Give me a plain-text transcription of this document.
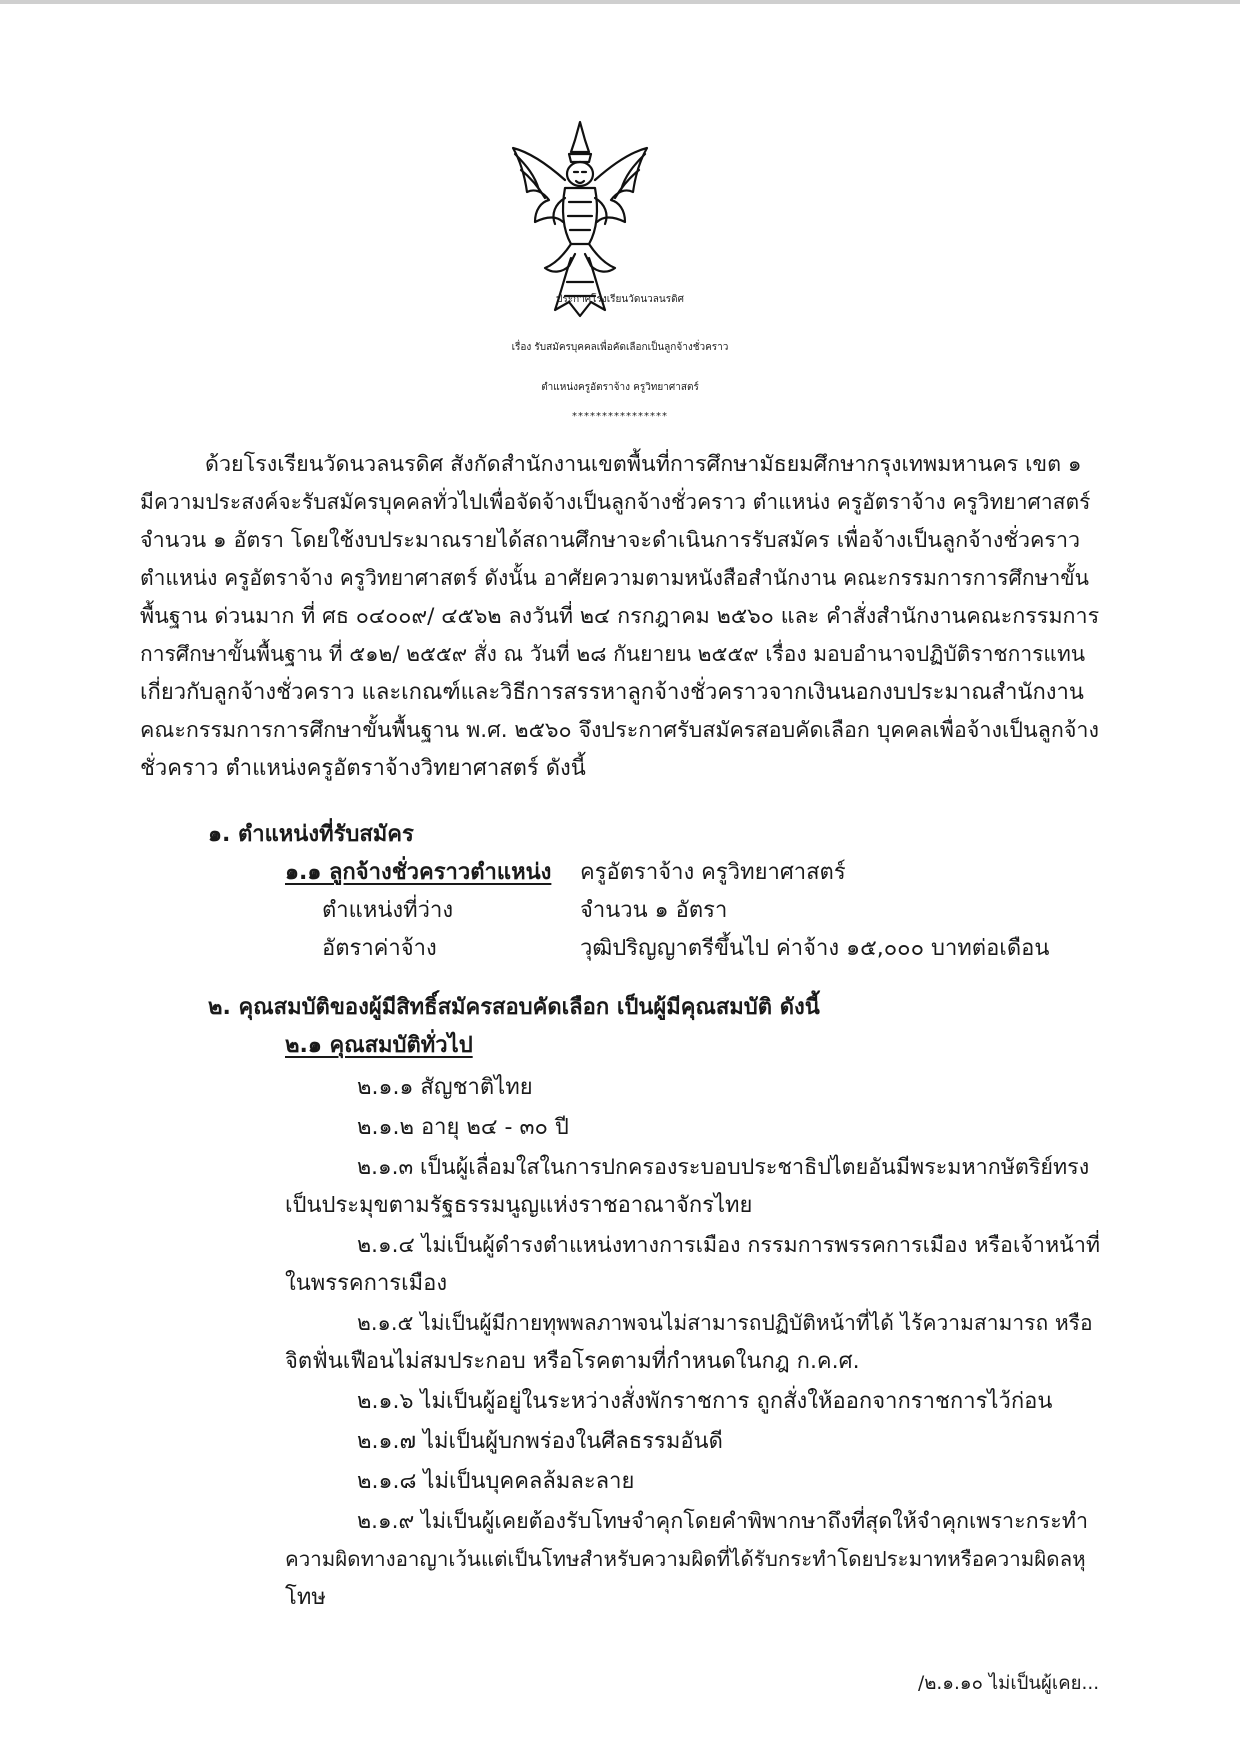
ประกาศโรงเรียนวัดนวลนรดิศ
เรื่อง รับสมัครบุคคลเพื่อคัดเลือกเป็นลูกจ้างชั่วคราว
ตำแหน่งครูอัตราจ้าง ครูวิทยาศาสตร์
****************
ด้วยโรงเรียนวัดนวลนรดิศ สังกัดสำนักงานเขตพื้นที่การศึกษามัธยมศึกษากรุงเทพมหานคร เขต ๑
มีความประสงค์จะรับสมัครบุคคลทั่วไปเพื่อจัดจ้างเป็นลูกจ้างชั่วคราว ตำแหน่ง ครูอัตราจ้าง ครูวิทยาศาสตร์
จำนวน ๑ อัตรา โดยใช้งบประมาณรายได้สถานศึกษาจะดำเนินการรับสมัคร เพื่อจ้างเป็นลูกจ้างชั่วคราว
ตำแหน่ง ครูอัตราจ้าง ครูวิทยาศาสตร์ ดังนั้น อาศัยความตามหนังสือสำนักงาน คณะกรรมการการศึกษาขั้น
พื้นฐาน ด่วนมาก ที่ ศธ ๐๔๐๐๙/ ๔๕๖๒ ลงวันที่ ๒๔ กรกฎาคม ๒๕๖๐ และ คำสั่งสำนักงานคณะกรรมการ
การศึกษาขั้นพื้นฐาน ที่ ๕๑๒/ ๒๕๕๙ สั่ง ณ วันที่ ๒๘ กันยายน ๒๕๕๙ เรื่อง มอบอำนาจปฏิบัติราชการแทน
เกี่ยวกับลูกจ้างชั่วคราว และเกณฑ์และวิธีการสรรหาลูกจ้างชั่วคราวจากเงินนอกงบประมาณสำนักงาน
คณะกรรมการการศึกษาขั้นพื้นฐาน พ.ศ. ๒๕๖๐ จึงประกาศรับสมัครสอบคัดเลือก บุคคลเพื่อจ้างเป็นลูกจ้าง
ชั่วคราว ตำแหน่งครูอัตราจ้างวิทยาศาสตร์ ดังนี้
๑. ตำแหน่งที่รับสมัคร
๑.๑ ลูกจ้างชั่วคราวตำแหน่ง ครูอัตราจ้าง ครูวิทยาศาสตร์
ตำแหน่งที่ว่าง	จำนวน ๑ อัตรา
อัตราค่าจ้าง	วุฒิปริญญาตรีขึ้นไป ค่าจ้าง ๑๕,๐๐๐ บาทต่อเดือน
๒. คุณสมบัติของผู้มีสิทธิ์สมัครสอบคัดเลือก เป็นผู้มีคุณสมบัติ ดังนี้
๒.๑ คุณสมบัติทั่วไป
๒.๑.๑ สัญชาติไทย
๒.๑.๒ อายุ ๒๔ - ๓๐ ปี
๒.๑.๓ เป็นผู้เลื่อมใสในการปกครองระบอบประชาธิปไตยอันมีพระมหากษัตริย์ทรง
เป็นประมุขตามรัฐธรรมนูญแห่งราชอาณาจักรไทย
๒.๑.๔ ไม่เป็นผู้ดำรงตำแหน่งทางการเมือง กรรมการพรรคการเมือง หรือเจ้าหน้าที่
ในพรรคการเมือง
๒.๑.๕ ไม่เป็นผู้มีกายทุพพลภาพจนไม่สามารถปฏิบัติหน้าที่ได้ ไร้ความสามารถ หรือ
จิตฟั่นเฟือนไม่สมประกอบ หรือโรคตามที่กำหนดในกฎ ก.ค.ศ.
๒.๑.๖ ไม่เป็นผู้อยู่ในระหว่างสั่งพักราชการ ถูกสั่งให้ออกจากราชการไว้ก่อน
๒.๑.๗ ไม่เป็นผู้บกพร่องในศีลธรรมอันดี
๒.๑.๘ ไม่เป็นบุคคลล้มละลาย
๒.๑.๙ ไม่เป็นผู้เคยต้องรับโทษจำคุกโดยคำพิพากษาถึงที่สุดให้จำคุกเพราะกระทำ
ความผิดทางอาญาเว้นแต่เป็นโทษสำหรับความผิดที่ได้รับกระทำโดยประมาทหรือความผิดลหุ
โทษ
/๒.๑.๑๐ ไม่เป็นผู้เคย...
